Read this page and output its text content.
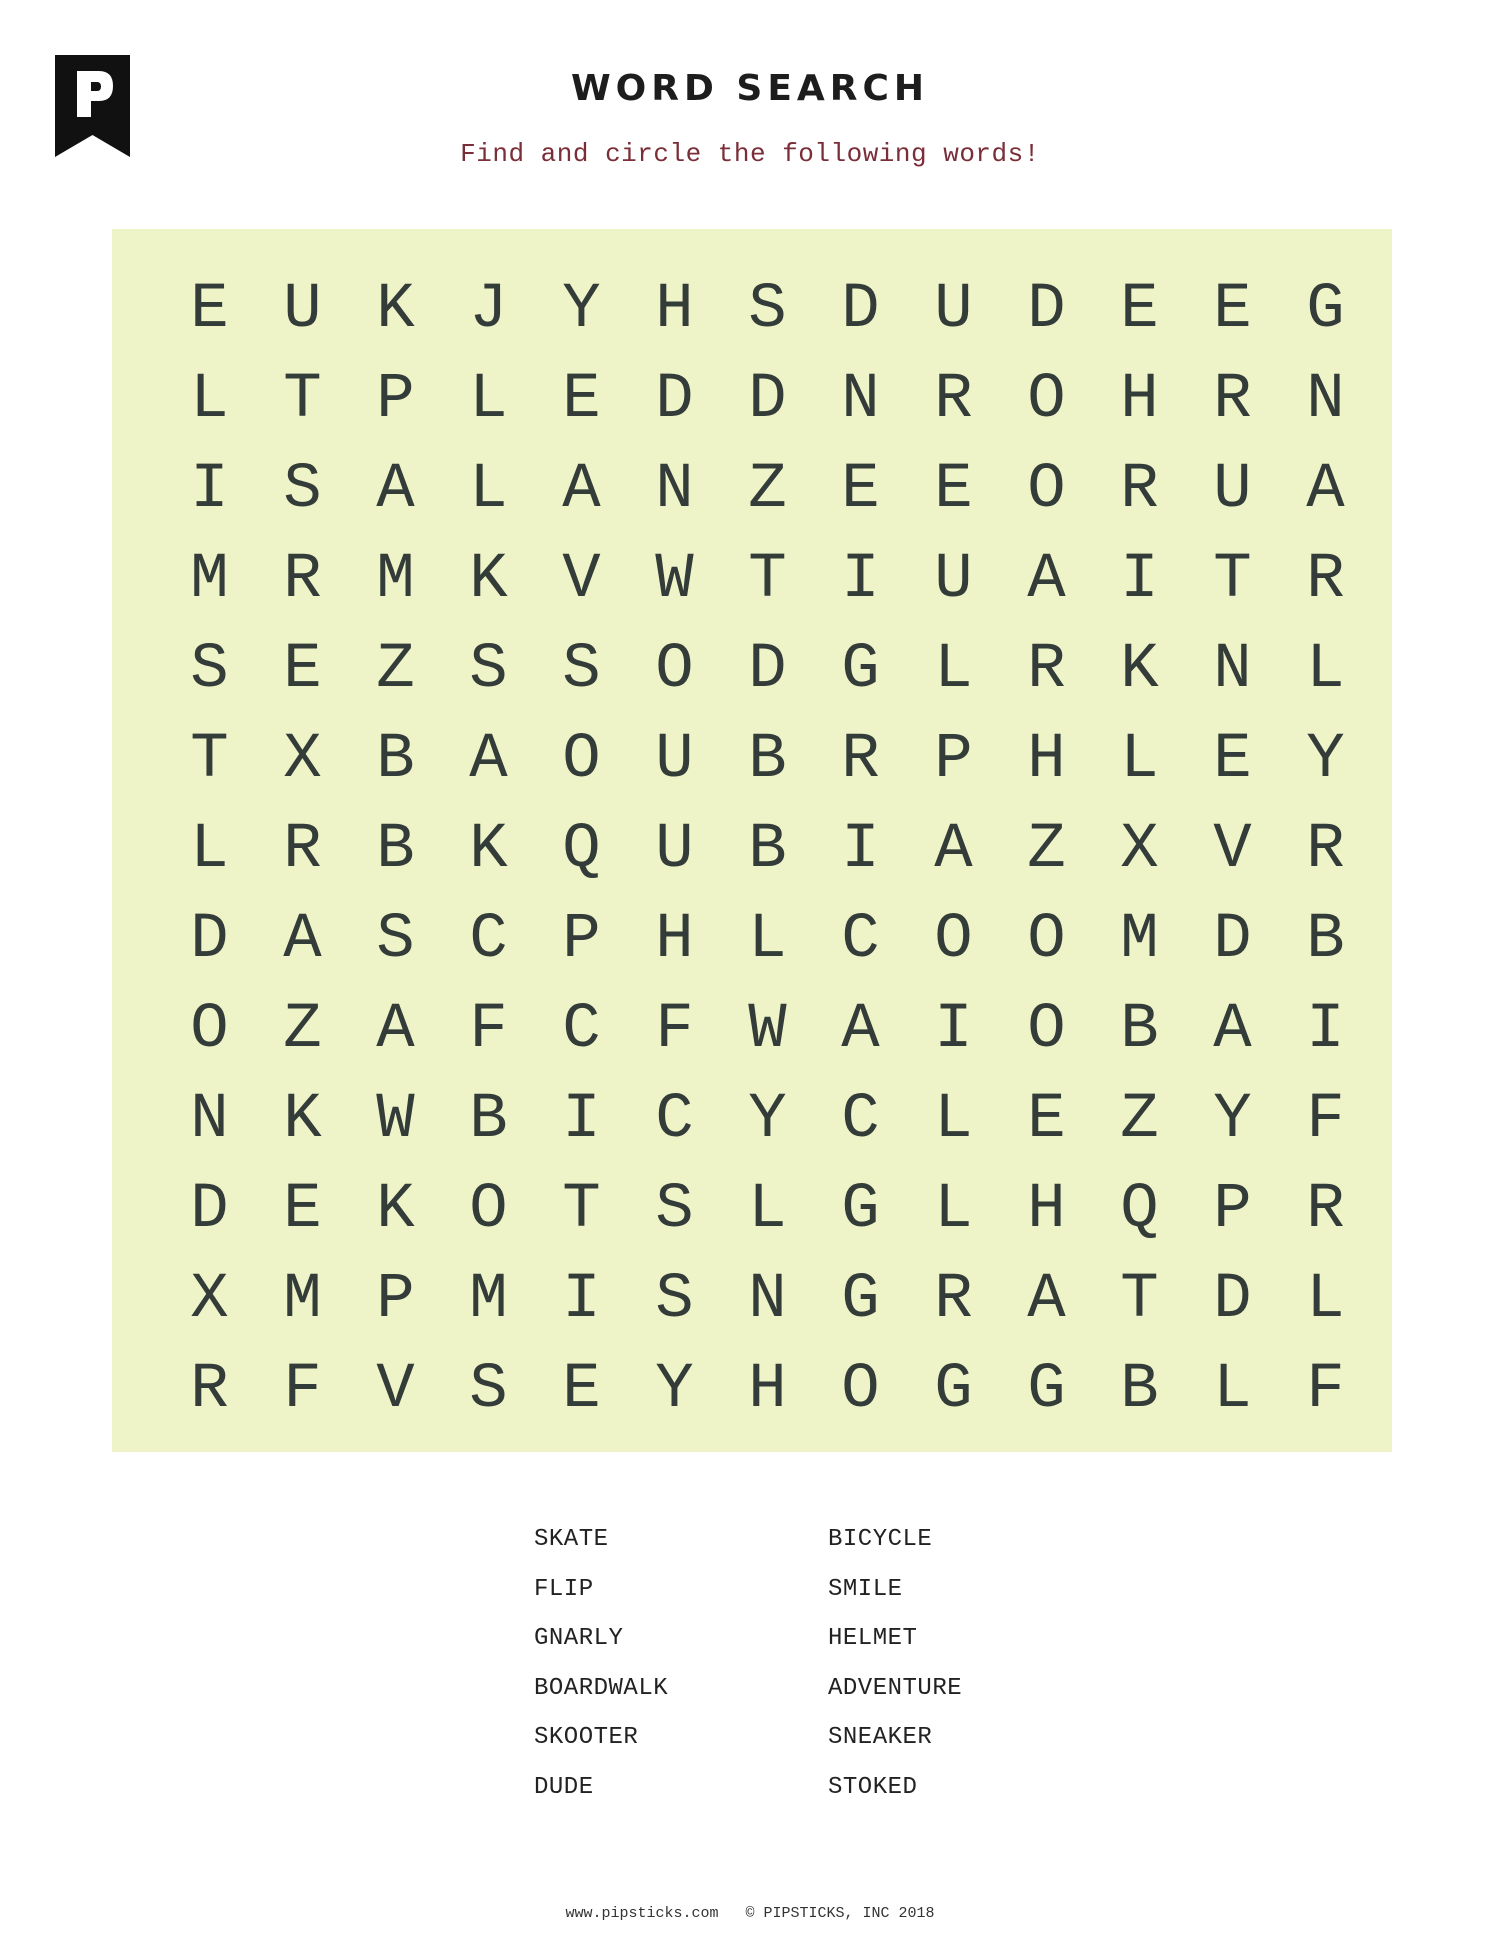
WORD SEARCH
Find and circle the following words!
E U K J Y H S D U D E E G
L T P L E D D N R O H R N
I S A L A N Z E E O R U A
M R M K V W T I U A I T R
S E Z S S O D G L R K N L
T X B A O U B R P H L E Y
L R B K Q U B I A Z X V R
D A S C P H L C O O M D B
O Z A F C F W A I O B A I
N K W B I C Y C L E Z Y F
D E K O T S L G L H Q P R
X M P M I S N G R A T D L
R F V S E Y H O G G B L F
SKATE	BICYCLE
FLIP	SMILE
GNARLY	HELMET
BOARDWALK	ADVENTURE
SKOOTER	SNEAKER
DUDE	STOKED
www.pipsticks.com © PIPSTICKS, INC 2018
